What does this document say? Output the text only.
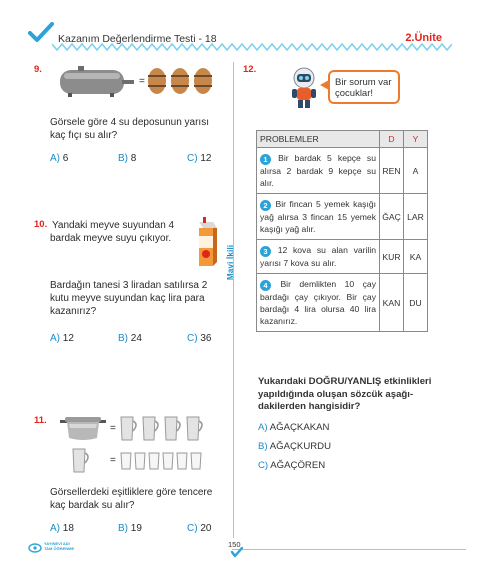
Kazanım Değerlendirme Testi - 18	2.Ünite
Mavi İkili
9.
=
Görsele göre 4 su deposunun yarısı
kaç fıçı su alır?
A) 6	B) 8	C) 12
10. Yandaki meyve suyundan 4
bardak meyve suyu çıkıyor.
Bardağın tanesi 3 liradan satılırsa 2
kutu meyve suyundan kaç lira para
kazanırız?
A) 12	B) 24	C) 36
11.
=
=
Görsellerdeki eşitliklere göre tencere
kaç bardak su alır?
A) 18	B) 19	C) 20
12.
Bir sorum var
çocuklar!
PROBLEMLER	D	Y
1 Bir bardak 5 kepçe su alırsa 2 bardak 9 kepçe su alır.	REN	A
2 Bir fincan 5 yemek kaşığı yağ alırsa 3 fincan 15 yemek kaşığı yağ alır.	ĞAÇ	LAR
3 12 kova su alan varilin yarısı 7 kova su alır.	KUR	KA
4 Bir demlikten 10 çay bardağı çay çıkıyor. Bir çay bardağı 4 lira olursa 40 lira kazanırız.	KAN	DU
Yukarıdaki DOĞRU/YANLIŞ etkinlikleri
yapıldığında oluşan sözcük aşağı-
dakilerden hangisidir?
A) AĞAÇKAKAN
B) AĞAÇKURDU
C) AĞAÇÖREN
YAYINEVİ ADI
TAM ÖĞRENME	150
